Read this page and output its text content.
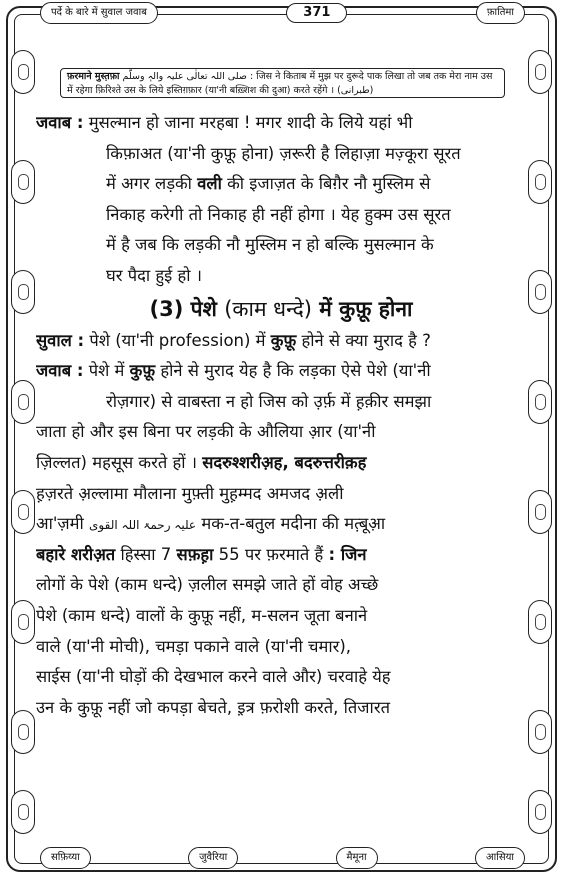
पर्दे के बारे में सुवाल जवाब	371	फ़ातिमा
फ़रमाने मुस्त़फ़ा صلی اللہ تعالٰی علیہ والہٖ وسلّم : जिस ने किताब में मुझ पर दुरूदे पाक लिखा तो जब तक मेरा नाम उस
में रहेगा फ़िरिश्ते उस के लिये इस्तिग़फ़ार (या'नी बख़्शिश की दुआ) करते रहेंगे । (طبرانی)
जवाब : मुसल्मान हो जाना मरहबा ! मगर शादी के लिये यहां भी
किफ़ाअत (या'नी कुफ़ू होना) ज़रूरी है लिहाज़ा मज़्कूरा सूरत
में अगर लड़की वली की इजाज़त के बिग़ैर नौ मुस्लिम से
निकाह करेगी तो निकाह ही नहीं होगा । येह हुक्म उस सूरत
में है जब कि लड़की नौ मुस्लिम न हो बल्कि मुसल्मान के
घर पैदा हुई हो ।
(3) पेशे (काम धन्दे) में कुफ़ू होना
सुवाल : पेशे (या'नी profession) में कुफ़ू होने से क्या मुराद है ?
जवाब : पेशे में कुफ़ू होने से मुराद येह है कि लड़का ऐसे पेशे (या'नी
रोज़गार) से वाबस्ता न हो जिस को उ़र्फ़ में ह़क़ीर समझा
जाता हो और इस बिना पर लड़की के औलिया आ़र (या'नी
ज़िल्लत) महसूस करते हों । सदरुश्शरीअ़ह, बदरुत्तरीक़ह
ह़ज़रते अ़ल्लामा मौलाना मुफ़्ती मुह़म्मद अमजद अ़ली
आ'ज़मी علیہ رحمۃ اللہ القوی मक-त-बतुल मदीना की मत़्बूआ़
बहारे शरीअ़त हिस्सा 7 सफ़ह़ा 55 पर फ़रमाते हैं : जिन
लोगों के पेशे (काम धन्दे) ज़लील समझे जाते हों वोह अच्छे
पेशे (काम धन्दे) वालों के कुफ़ू नहीं, म-सलन जूता बनाने
वाले (या'नी मोची), चमड़ा पकाने वाले (या'नी चमार),
साईस (या'नी घोड़ों की देखभाल करने वाले और) चरवाहे येह
उन के कुफ़ू नहीं जो कपड़ा बेचते, इ़त्र फ़रोशी करते, तिजारत
सफ़िय्या	जुवैरिया	मैमूना	आसिया
